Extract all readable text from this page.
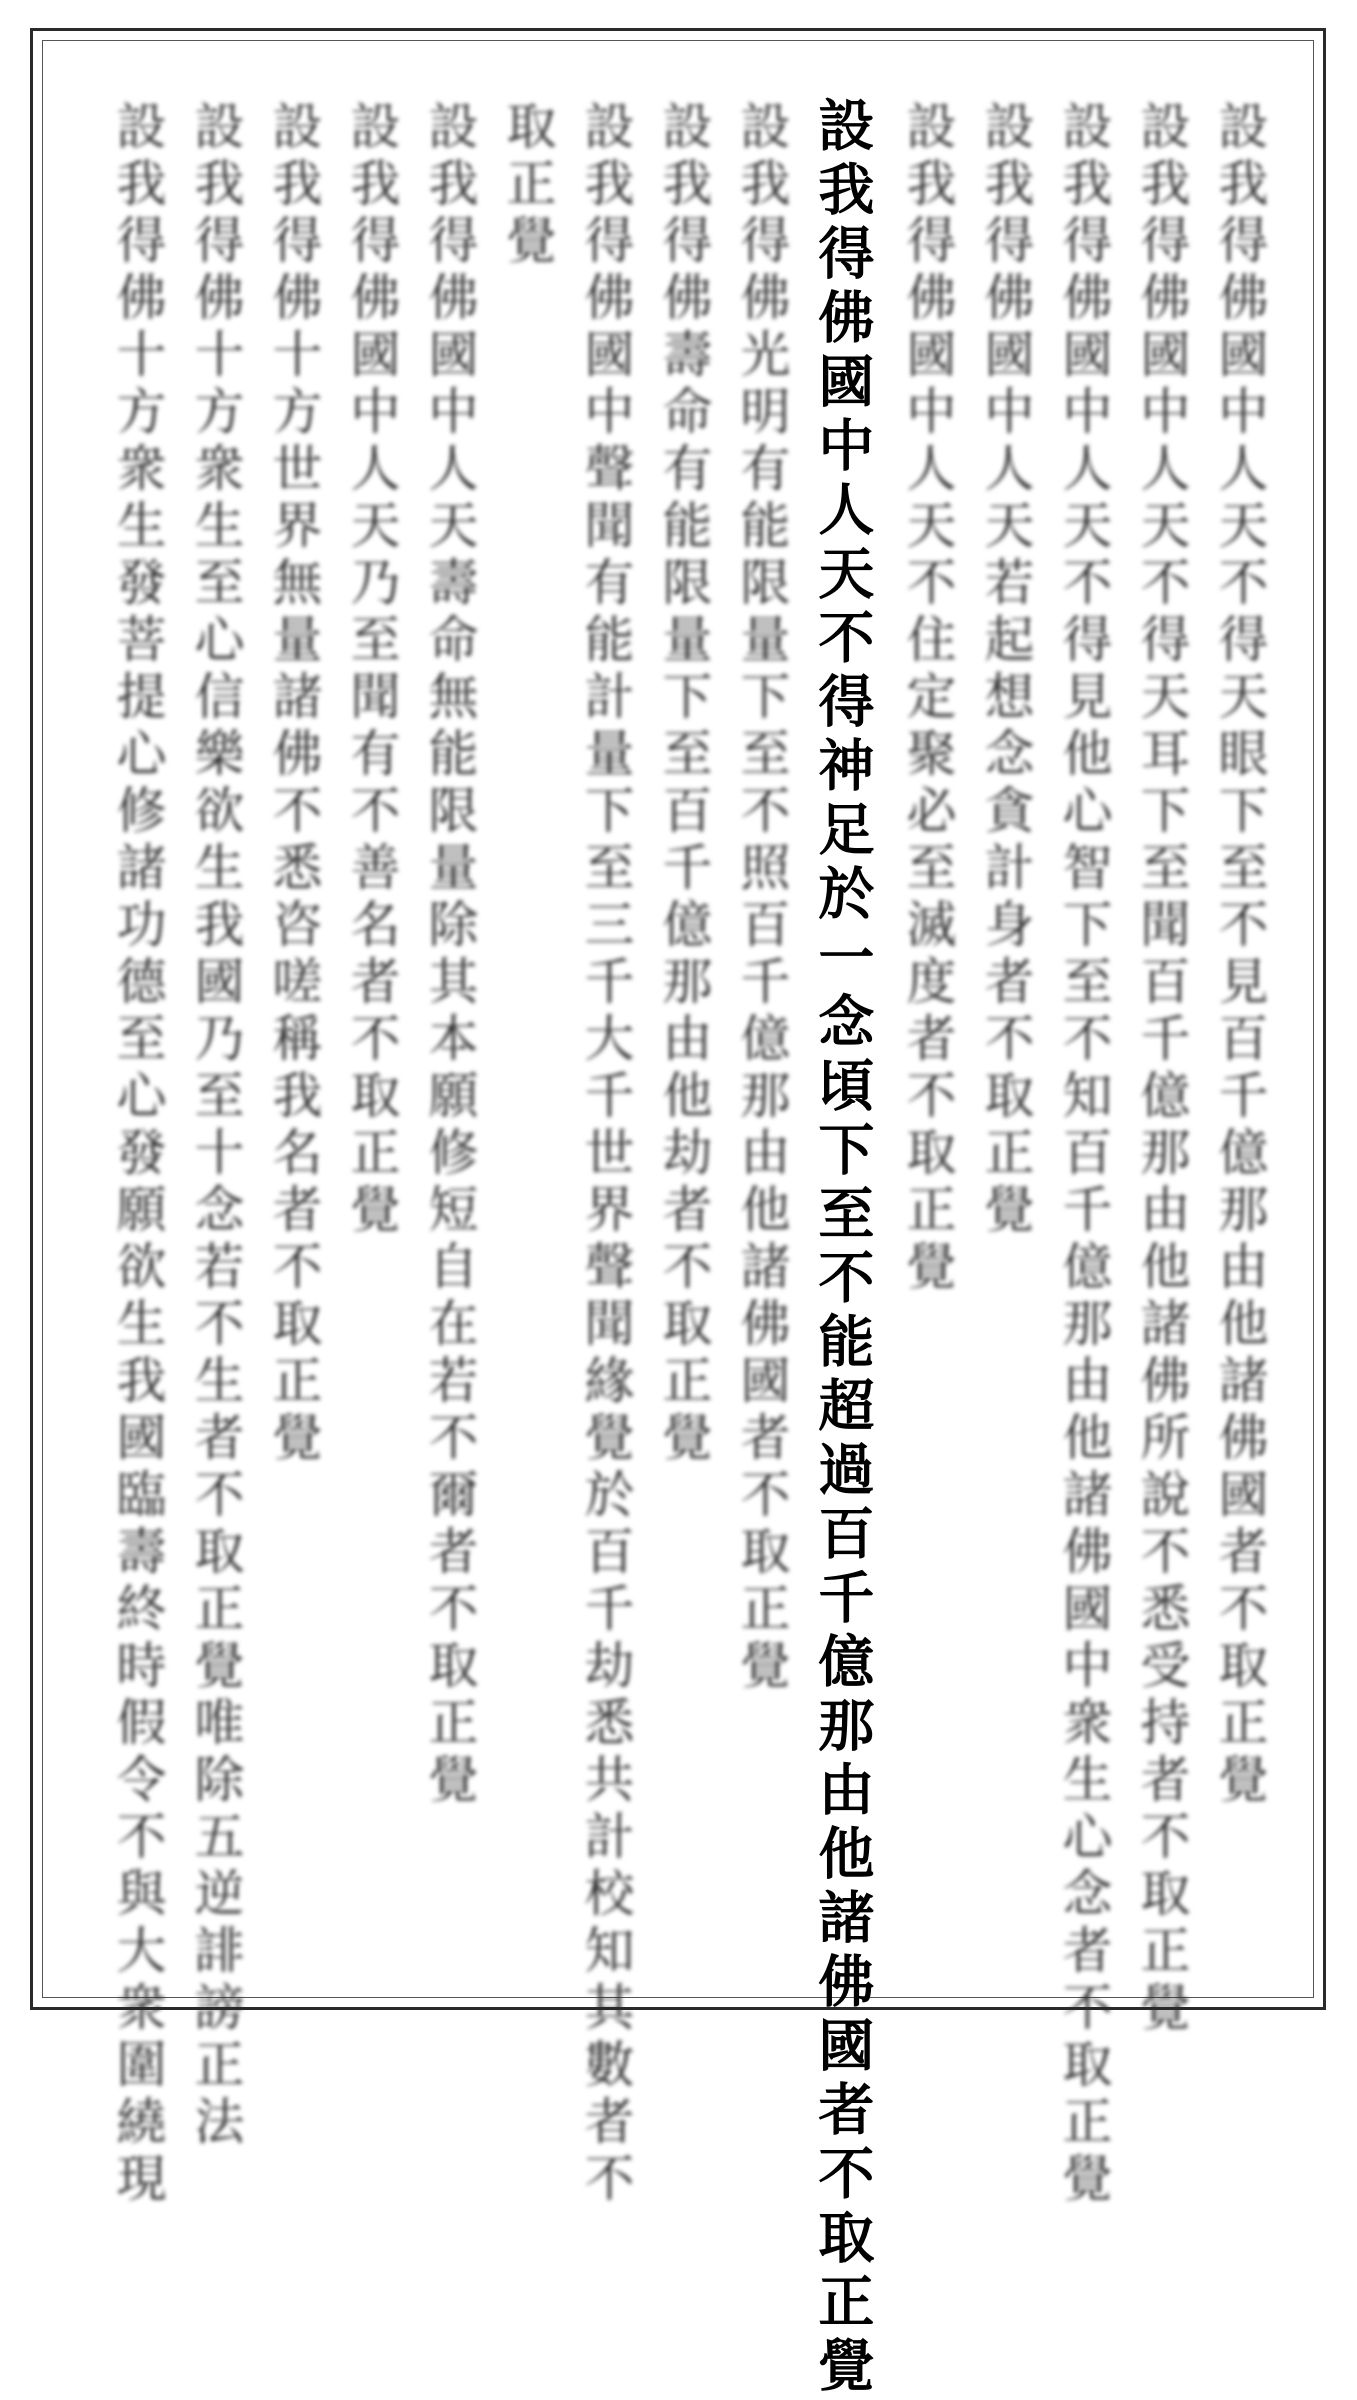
設我得佛國中人天不得天眼下至不見百千億那由他諸佛國者不取正覺
設我得佛國中人天不得天耳下至聞百千億那由他諸佛所說不悉受持者不取正覺
設我得佛國中人天不得見他心智下至不知百千億那由他諸佛國中衆生心念者不取正覺
設我得佛國中人天若起想念貪計身者不取正覺
設我得佛國中人天不住定聚必至滅度者不取正覺
設我得佛國中人天不得神足於一念頃下至不能超過百千億那由他諸佛國者不取正覺
設我得佛光明有能限量下至不照百千億那由他諸佛國者不取正覺
設我得佛壽命有能限量下至百千億那由他劫者不取正覺
設我得佛國中聲聞有能計量下至三千大千世界聲聞緣覺於百千劫悉共計校知其數者不
取正覺
設我得佛國中人天壽命無能限量除其本願修短自在若不爾者不取正覺
設我得佛國中人天乃至聞有不善名者不取正覺
設我得佛十方世界無量諸佛不悉咨嗟稱我名者不取正覺
設我得佛十方衆生至心信樂欲生我國乃至十念若不生者不取正覺唯除五逆誹謗正法
設我得佛十方衆生發菩提心修諸功德至心發願欲生我國臨壽終時假令不與大衆圍繞現
